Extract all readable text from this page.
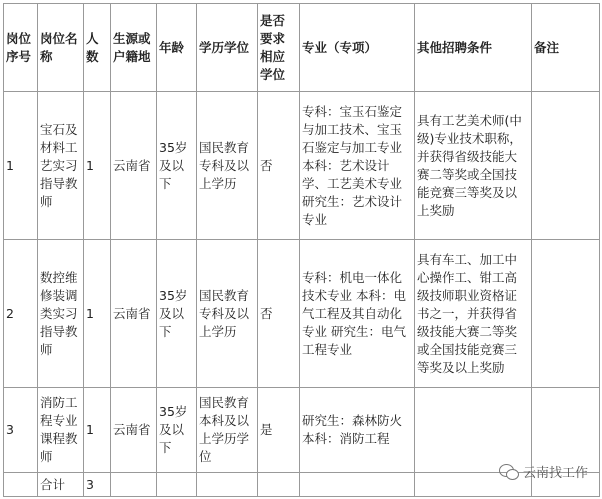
岗位序号	岗位名称	人数	生源或户籍地	年龄	学历学位	是否要求相应学位	专业（专项）	其他招聘条件	备注
1	宝石及材料工艺实习指导教师	1	云南省	35岁及以下	国民教育专科及以上学历	否	专科：宝玉石鉴定与加工技术、宝玉石鉴定与加工专业 本科：艺术设计学、工艺美术专业 研究生：艺术设计专业	具有工艺美术师(中级)专业技术职称，并获得省级技能大赛二等奖或全国技能竞赛三等奖及以上奖励	
2	数控维修装调类实习指导教师	1	云南省	35岁及以下	国民教育专科及以上学历	否	专科：机电一体化技术专业 本科：电气工程及其自动化专业 研究生：电气工程专业	具有车工、加工中心操作工、钳工高级技师职业资格证书之一，并获得省级技能大赛二等奖或全国技能竞赛三等奖及以上奖励	
3	消防工程专业课程教师	1	云南省	35岁及以下	国民教育本科及以上学历学位	是	研究生：森林防火 本科：消防工程		
	合计	3							
云南找工作
